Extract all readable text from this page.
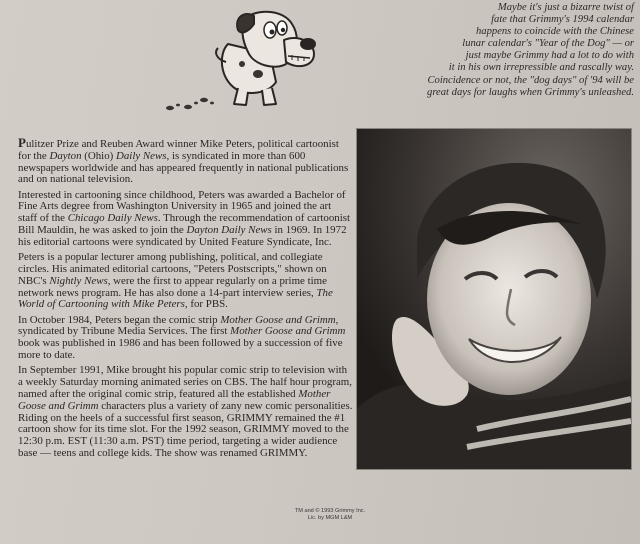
Maybe it's just a bizarre twist of
fate that Grimmy's 1994 calendar
happens to coincide with the Chinese
lunar calendar's "Year of the Dog" — or
just maybe Grimmy had a lot to do with
it in his own irrepressible and rascally way.
Coincidence or not, the "dog days" of '94 will be
great days for laughs when Grimmy's unleashed.

Pulitzer Prize and Reuben Award winner Mike Peters, political cartoonist for the Dayton (Ohio) Daily News, is syndicated in more than 600 newspapers worldwide and has appeared frequently in national publications and on national television.

Interested in cartooning since childhood, Peters was awarded a Bachelor of Fine Arts degree from Washington University in 1965 and joined the art staff of the Chicago Daily News. Through the recommendation of cartoonist Bill Mauldin, he was asked to join the Dayton Daily News in 1969. In 1972 his editorial cartoons were syndicated by United Feature Syndicate, Inc.

Peters is a popular lecturer among publishing, political, and collegiate circles. His animated editorial cartoons, "Peters Postscripts," shown on NBC's Nightly News, were the first to appear regularly on a prime time network news program. He has also done a 14-part interview series, The World of Cartooning with Mike Peters, for PBS.

In October 1984, Peters began the comic strip Mother Goose and Grimm, syndicated by Tribune Media Services. The first Mother Goose and Grimm book was published in 1986 and has been followed by a succession of five more to date.

In September 1991, Mike brought his popular comic strip to television with a weekly Saturday morning animated series on CBS. The half hour program, named after the original comic strip, featured all the established Mother Goose and Grimm characters plus a variety of zany new comic personalities. Riding on the heels of a successful first season, GRIMMY remained the #1 cartoon show for its time slot. For the 1992 season, GRIMMY moved to the 12:30 p.m. EST (11:30 a.m. PST) time period, targeting a wider audience base — teens and college kids. The show was renamed GRIMMY.

TM and © 1993 Grimmy Inc.
Lic. by MGM L&M
